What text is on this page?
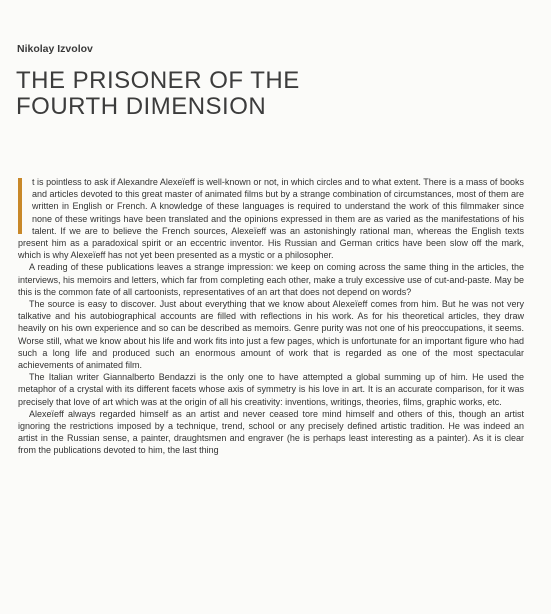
Nikolay Izvolov
THE PRISONER OF THE
FOURTH DIMENSION

t is pointless to ask if Alexandre Alexeïeff is well-known or not, in which circles and to what extent. There is a mass of books and articles devoted to this great master of animated films but by a strange combination of circumstances, most of them are written in English or French. A knowledge of these languages is required to understand the work of this filmmaker since none of these writings have been translated and the opinions expressed in them are as varied as the manifestations of his talent. If we are to believe the French sources, Alexeïeff was an astonishingly rational man, whereas the English texts present him as a paradoxical spirit or an eccentric inventor. His Russian and German critics have been slow off the mark, which is why Alexeïeff has not yet been presented as a mystic or a philosopher.

A reading of these publications leaves a strange impression: we keep on coming across the same thing in the articles, the interviews, his memoirs and letters, which far from completing each other, make a truly excessive use of cut-and-paste. May be this is the common fate of all cartoonists, representatives of an art that does not depend on words?

The source is easy to discover. Just about everything that we know about Alexeïeff comes from him. But he was not very talkative and his autobiographical accounts are filled with reflections in his work. As for his theoretical articles, they draw heavily on his own experience and so can be described as memoirs. Genre purity was not one of his preoccupations, it seems. Worse still, what we know about his life and work fits into just a few pages, which is unfortunate for an important figure who had such a long life and produced such an enormous amount of work that is regarded as one of the most spectacular achievements of animated film.

The Italian writer Giannalberto Bendazzi is the only one to have attempted a global summing up of him. He used the metaphor of a crystal with its different facets whose axis of symmetry is his love in art. It is an accurate comparison, for it was precisely that love of art which was at the origin of all his creativity: inventions, writings, theories, films, graphic works, etc.

Alexeïeff always regarded himself as an artist and never ceased tore mind himself and others of this, though an artist ignoring the restrictions imposed by a technique, trend, school or any precisely defined artistic tradition. He was indeed an artist in the Russian sense, a painter, draughtsmen and engraver (he is perhaps least interesting as a painter). As it is clear from the publications devoted to him, the last thing
